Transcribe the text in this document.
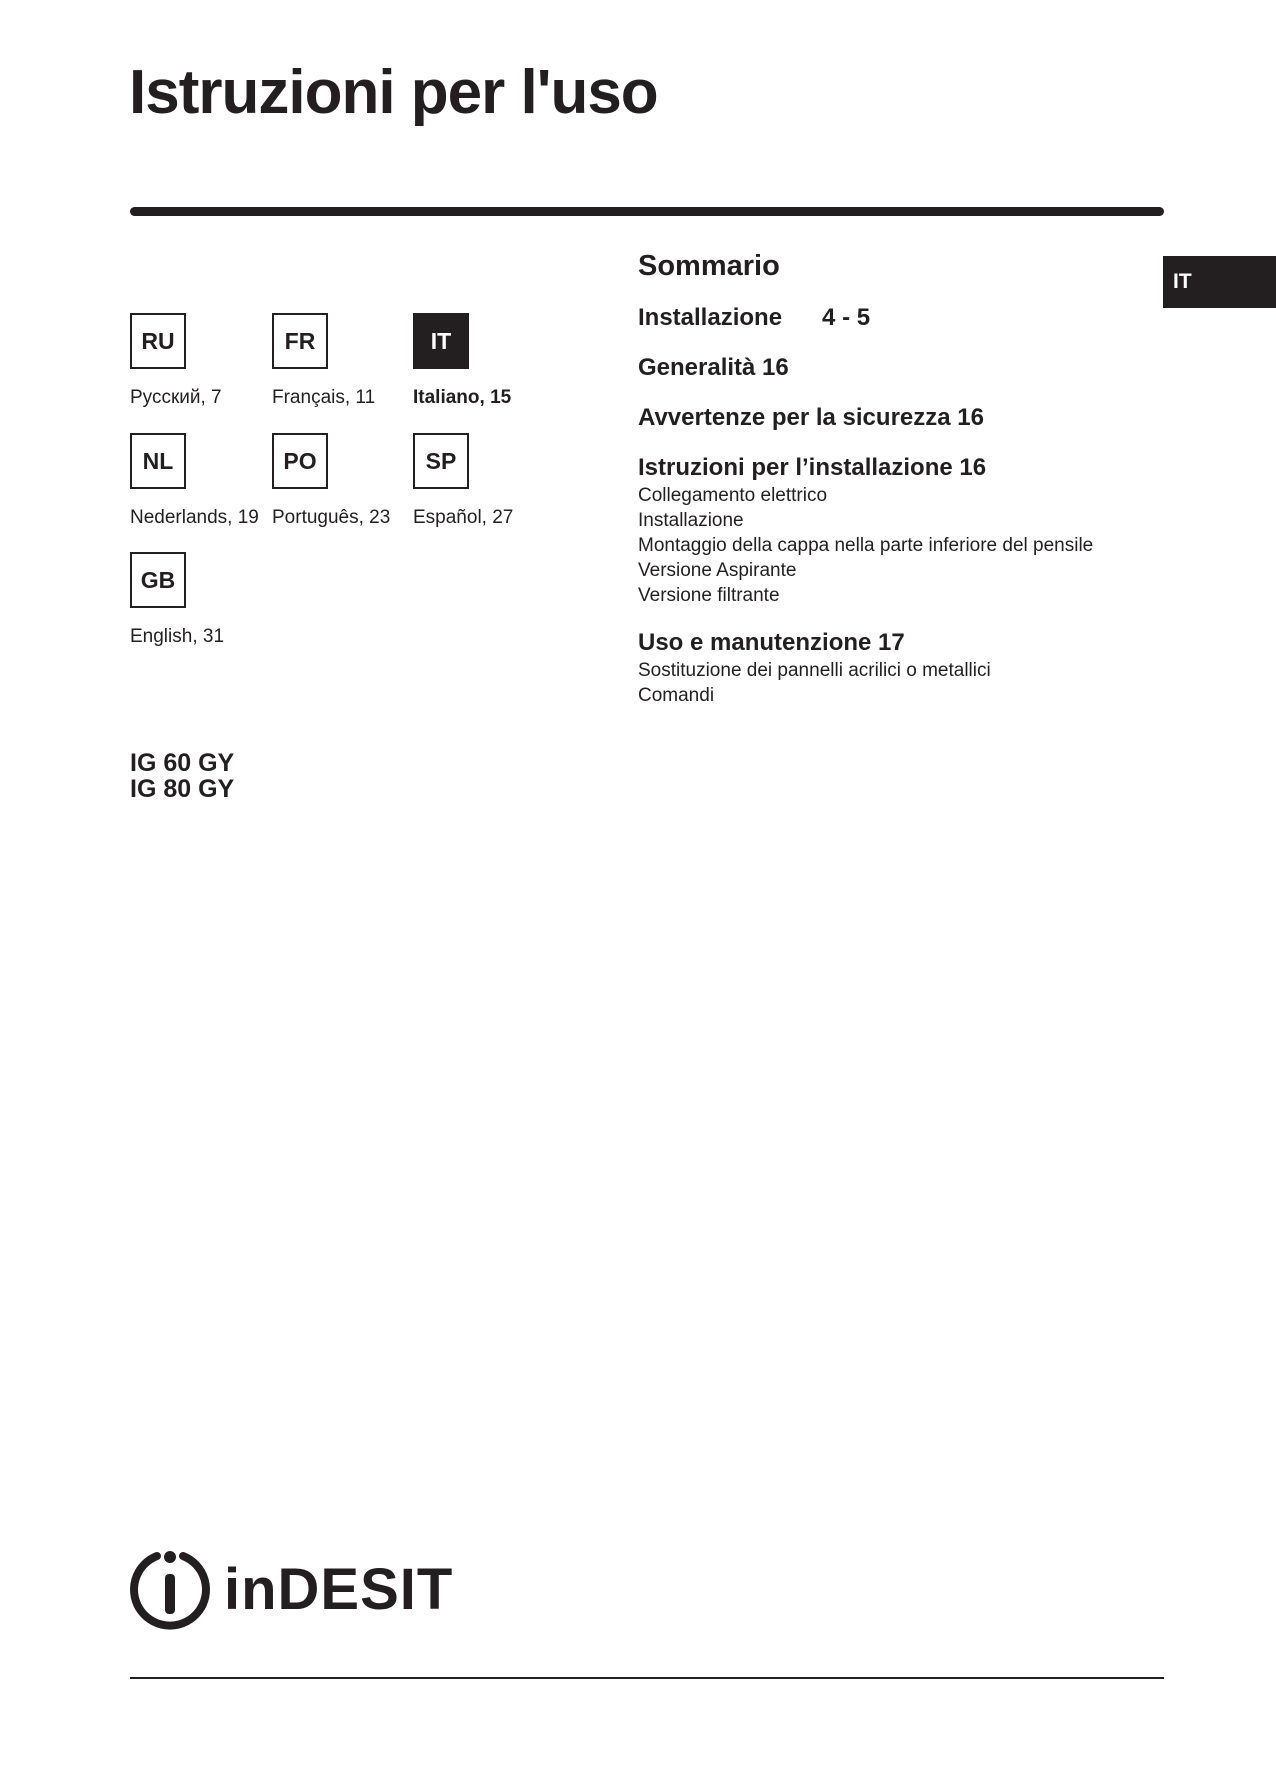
Istruzioni per l'uso
IT
RU
Русский, 7
FR
Français, 11
IT
Italiano, 15
NL
Nederlands, 19
PO
Português, 23
SP
Español, 27
GB
English, 31
IG 60 GY
IG 80 GY
Sommario

Installazione 4 - 5

Generalità 16

Avvertenze per la sicurezza 16

Istruzioni per l’installazione 16

Collegamento elettrico

Installazione

Montaggio della cappa nella parte inferiore del pensile

Versione Aspirante

Versione filtrante

Uso e manutenzione 17

Sostituzione dei pannelli acrilici o metallici

Comandi

inDESIT
